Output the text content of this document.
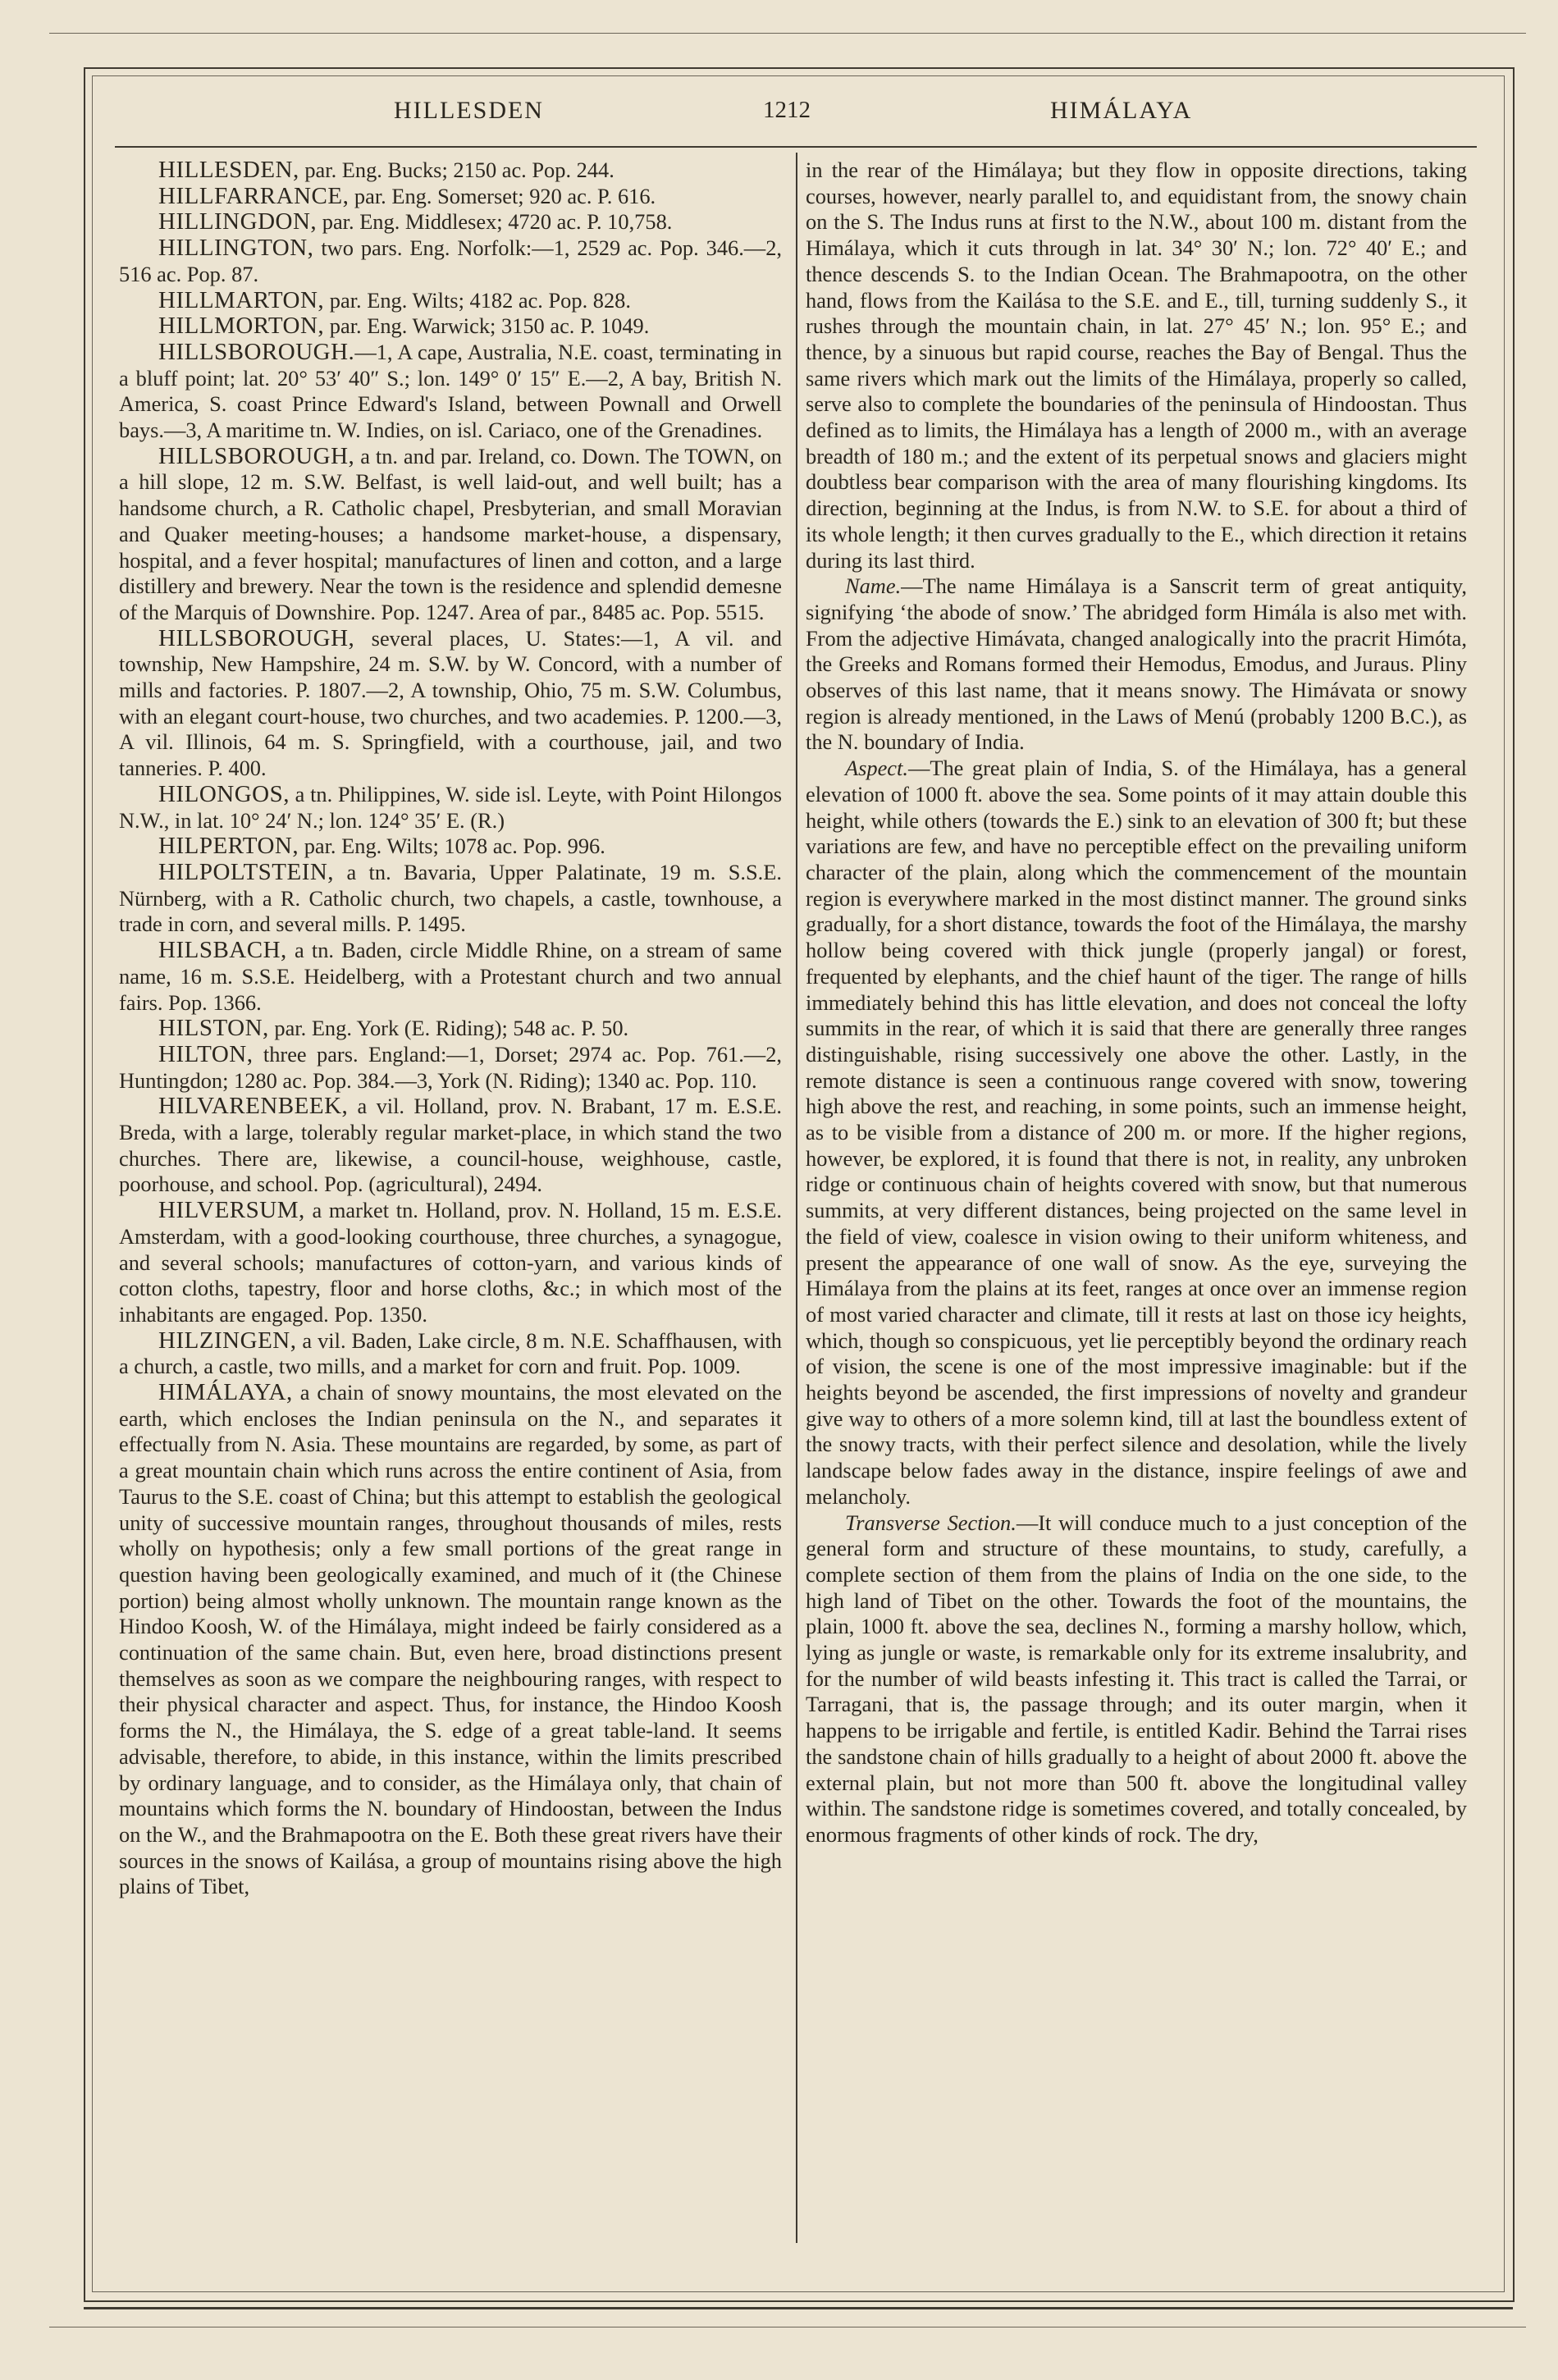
HILLESDEN	1212	HIMÁLAYA

HILLESDEN, par. Eng. Bucks; 2150 ac. Pop. 244.

HILLFARRANCE, par. Eng. Somerset; 920 ac. P. 616.

HILLINGDON, par. Eng. Middlesex; 4720 ac. P. 10,758.

HILLINGTON, two pars. Eng. Norfolk:—1, 2529 ac. Pop. 346.—2, 516 ac. Pop. 87.

HILLMARTON, par. Eng. Wilts; 4182 ac. Pop. 828.

HILLMORTON, par. Eng. Warwick; 3150 ac. P. 1049.

HILLSBOROUGH.—1, A cape, Australia, N.E. coast, terminating in a bluff point; lat. 20° 53′ 40″ S.; lon. 149° 0′ 15″ E.—2, A bay, British N. America, S. coast Prince Edward's Island, between Pownall and Orwell bays.—3, A maritime tn. W. Indies, on isl. Cariaco, one of the Grenadines.

HILLSBOROUGH, a tn. and par. Ireland, co. Down. The TOWN, on a hill slope, 12 m. S.W. Belfast, is well laid-out, and well built; has a handsome church, a R. Catholic chapel, Presbyterian, and small Moravian and Quaker meeting-houses; a handsome market-house, a dispensary, hospital, and a fever hospital; manufactures of linen and cotton, and a large distillery and brewery. Near the town is the residence and splendid demesne of the Marquis of Downshire. Pop. 1247. Area of par., 8485 ac. Pop. 5515.

HILLSBOROUGH, several places, U. States:—1, A vil. and township, New Hampshire, 24 m. S.W. by W. Concord, with a number of mills and factories. P. 1807.—2, A township, Ohio, 75 m. S.W. Columbus, with an elegant court-house, two churches, and two academies. P. 1200.—3, A vil. Illinois, 64 m. S. Springfield, with a courthouse, jail, and two tanneries. P. 400.

HILONGOS, a tn. Philippines, W. side isl. Leyte, with Point Hilongos N.W., in lat. 10° 24′ N.; lon. 124° 35′ E. (R.)

HILPERTON, par. Eng. Wilts; 1078 ac. Pop. 996.

HILPOLTSTEIN, a tn. Bavaria, Upper Palatinate, 19 m. S.S.E. Nürnberg, with a R. Catholic church, two chapels, a castle, townhouse, a trade in corn, and several mills. P. 1495.

HILSBACH, a tn. Baden, circle Middle Rhine, on a stream of same name, 16 m. S.S.E. Heidelberg, with a Protestant church and two annual fairs. Pop. 1366.

HILSTON, par. Eng. York (E. Riding); 548 ac. P. 50.

HILTON, three pars. England:—1, Dorset; 2974 ac. Pop. 761.—2, Huntingdon; 1280 ac. Pop. 384.—3, York (N. Riding); 1340 ac. Pop. 110.

HILVARENBEEK, a vil. Holland, prov. N. Brabant, 17 m. E.S.E. Breda, with a large, tolerably regular market-place, in which stand the two churches. There are, likewise, a council-house, weighhouse, castle, poorhouse, and school. Pop. (agricultural), 2494.

HILVERSUM, a market tn. Holland, prov. N. Holland, 15 m. E.S.E. Amsterdam, with a good-looking courthouse, three churches, a synagogue, and several schools; manufactures of cotton-yarn, and various kinds of cotton cloths, tapestry, floor and horse cloths, &c.; in which most of the inhabitants are engaged. Pop. 1350.

HILZINGEN, a vil. Baden, Lake circle, 8 m. N.E. Schaffhausen, with a church, a castle, two mills, and a market for corn and fruit. Pop. 1009.

HIMÁLAYA, a chain of snowy mountains, the most elevated on the earth, which encloses the Indian peninsula on the N., and separates it effectually from N. Asia. These mountains are regarded, by some, as part of a great mountain chain which runs across the entire continent of Asia, from Taurus to the S.E. coast of China; but this attempt to establish the geological unity of successive mountain ranges, throughout thousands of miles, rests wholly on hypothesis; only a few small portions of the great range in question having been geologically examined, and much of it (the Chinese portion) being almost wholly unknown. The mountain range known as the Hindoo Koosh, W. of the Himálaya, might indeed be fairly considered as a continuation of the same chain. But, even here, broad distinctions present themselves as soon as we compare the neighbouring ranges, with respect to their physical character and aspect. Thus, for instance, the Hindoo Koosh forms the N., the Himálaya, the S. edge of a great table-land. It seems advisable, therefore, to abide, in this instance, within the limits prescribed by ordinary language, and to consider, as the Himálaya only, that chain of mountains which forms the N. boundary of Hindoostan, between the Indus on the W., and the Brahmapootra on the E. Both these great rivers have their sources in the snows of Kailása, a group of mountains rising above the high plains of Tibet,

in the rear of the Himálaya; but they flow in opposite directions, taking courses, however, nearly parallel to, and equidistant from, the snowy chain on the S. The Indus runs at first to the N.W., about 100 m. distant from the Himálaya, which it cuts through in lat. 34° 30′ N.; lon. 72° 40′ E.; and thence descends S. to the Indian Ocean. The Brahmapootra, on the other hand, flows from the Kailása to the S.E. and E., till, turning suddenly S., it rushes through the mountain chain, in lat. 27° 45′ N.; lon. 95° E.; and thence, by a sinuous but rapid course, reaches the Bay of Bengal. Thus the same rivers which mark out the limits of the Himálaya, properly so called, serve also to complete the boundaries of the peninsula of Hindoostan. Thus defined as to limits, the Himálaya has a length of 2000 m., with an average breadth of 180 m.; and the extent of its perpetual snows and glaciers might doubtless bear comparison with the area of many flourishing kingdoms. Its direction, beginning at the Indus, is from N.W. to S.E. for about a third of its whole length; it then curves gradually to the E., which direction it retains during its last third.

Name.—The name Himálaya is a Sanscrit term of great antiquity, signifying ‘the abode of snow.’ The abridged form Himála is also met with. From the adjective Himávata, changed analogically into the pracrit Himóta, the Greeks and Romans formed their Hemodus, Emodus, and Juraus. Pliny observes of this last name, that it means snowy. The Himávata or snowy region is already mentioned, in the Laws of Menú (probably 1200 B.C.), as the N. boundary of India.

Aspect.—The great plain of India, S. of the Himálaya, has a general elevation of 1000 ft. above the sea. Some points of it may attain double this height, while others (towards the E.) sink to an elevation of 300 ft; but these variations are few, and have no perceptible effect on the prevailing uniform character of the plain, along which the commencement of the mountain region is everywhere marked in the most distinct manner. The ground sinks gradually, for a short distance, towards the foot of the Himálaya, the marshy hollow being covered with thick jungle (properly jangal) or forest, frequented by elephants, and the chief haunt of the tiger. The range of hills immediately behind this has little elevation, and does not conceal the lofty summits in the rear, of which it is said that there are generally three ranges distinguishable, rising successively one above the other. Lastly, in the remote distance is seen a continuous range covered with snow, towering high above the rest, and reaching, in some points, such an immense height, as to be visible from a distance of 200 m. or more. If the higher regions, however, be explored, it is found that there is not, in reality, any unbroken ridge or continuous chain of heights covered with snow, but that numerous summits, at very different distances, being projected on the same level in the field of view, coalesce in vision owing to their uniform whiteness, and present the appearance of one wall of snow. As the eye, surveying the Himálaya from the plains at its feet, ranges at once over an immense region of most varied character and climate, till it rests at last on those icy heights, which, though so conspicuous, yet lie perceptibly beyond the ordinary reach of vision, the scene is one of the most impressive imaginable: but if the heights beyond be ascended, the first impressions of novelty and grandeur give way to others of a more solemn kind, till at last the boundless extent of the snowy tracts, with their perfect silence and desolation, while the lively landscape below fades away in the distance, inspire feelings of awe and melancholy.

Transverse Section.—It will conduce much to a just conception of the general form and structure of these mountains, to study, carefully, a complete section of them from the plains of India on the one side, to the high land of Tibet on the other. Towards the foot of the mountains, the plain, 1000 ft. above the sea, declines N., forming a marshy hollow, which, lying as jungle or waste, is remarkable only for its extreme insalubrity, and for the number of wild beasts infesting it. This tract is called the Tarrai, or Tarragani, that is, the passage through; and its outer margin, when it happens to be irrigable and fertile, is entitled Kadir. Behind the Tarrai rises the sandstone chain of hills gradually to a height of about 2000 ft. above the external plain, but not more than 500 ft. above the longitudinal valley within. The sandstone ridge is sometimes covered, and totally concealed, by enormous fragments of other kinds of rock. The dry,
